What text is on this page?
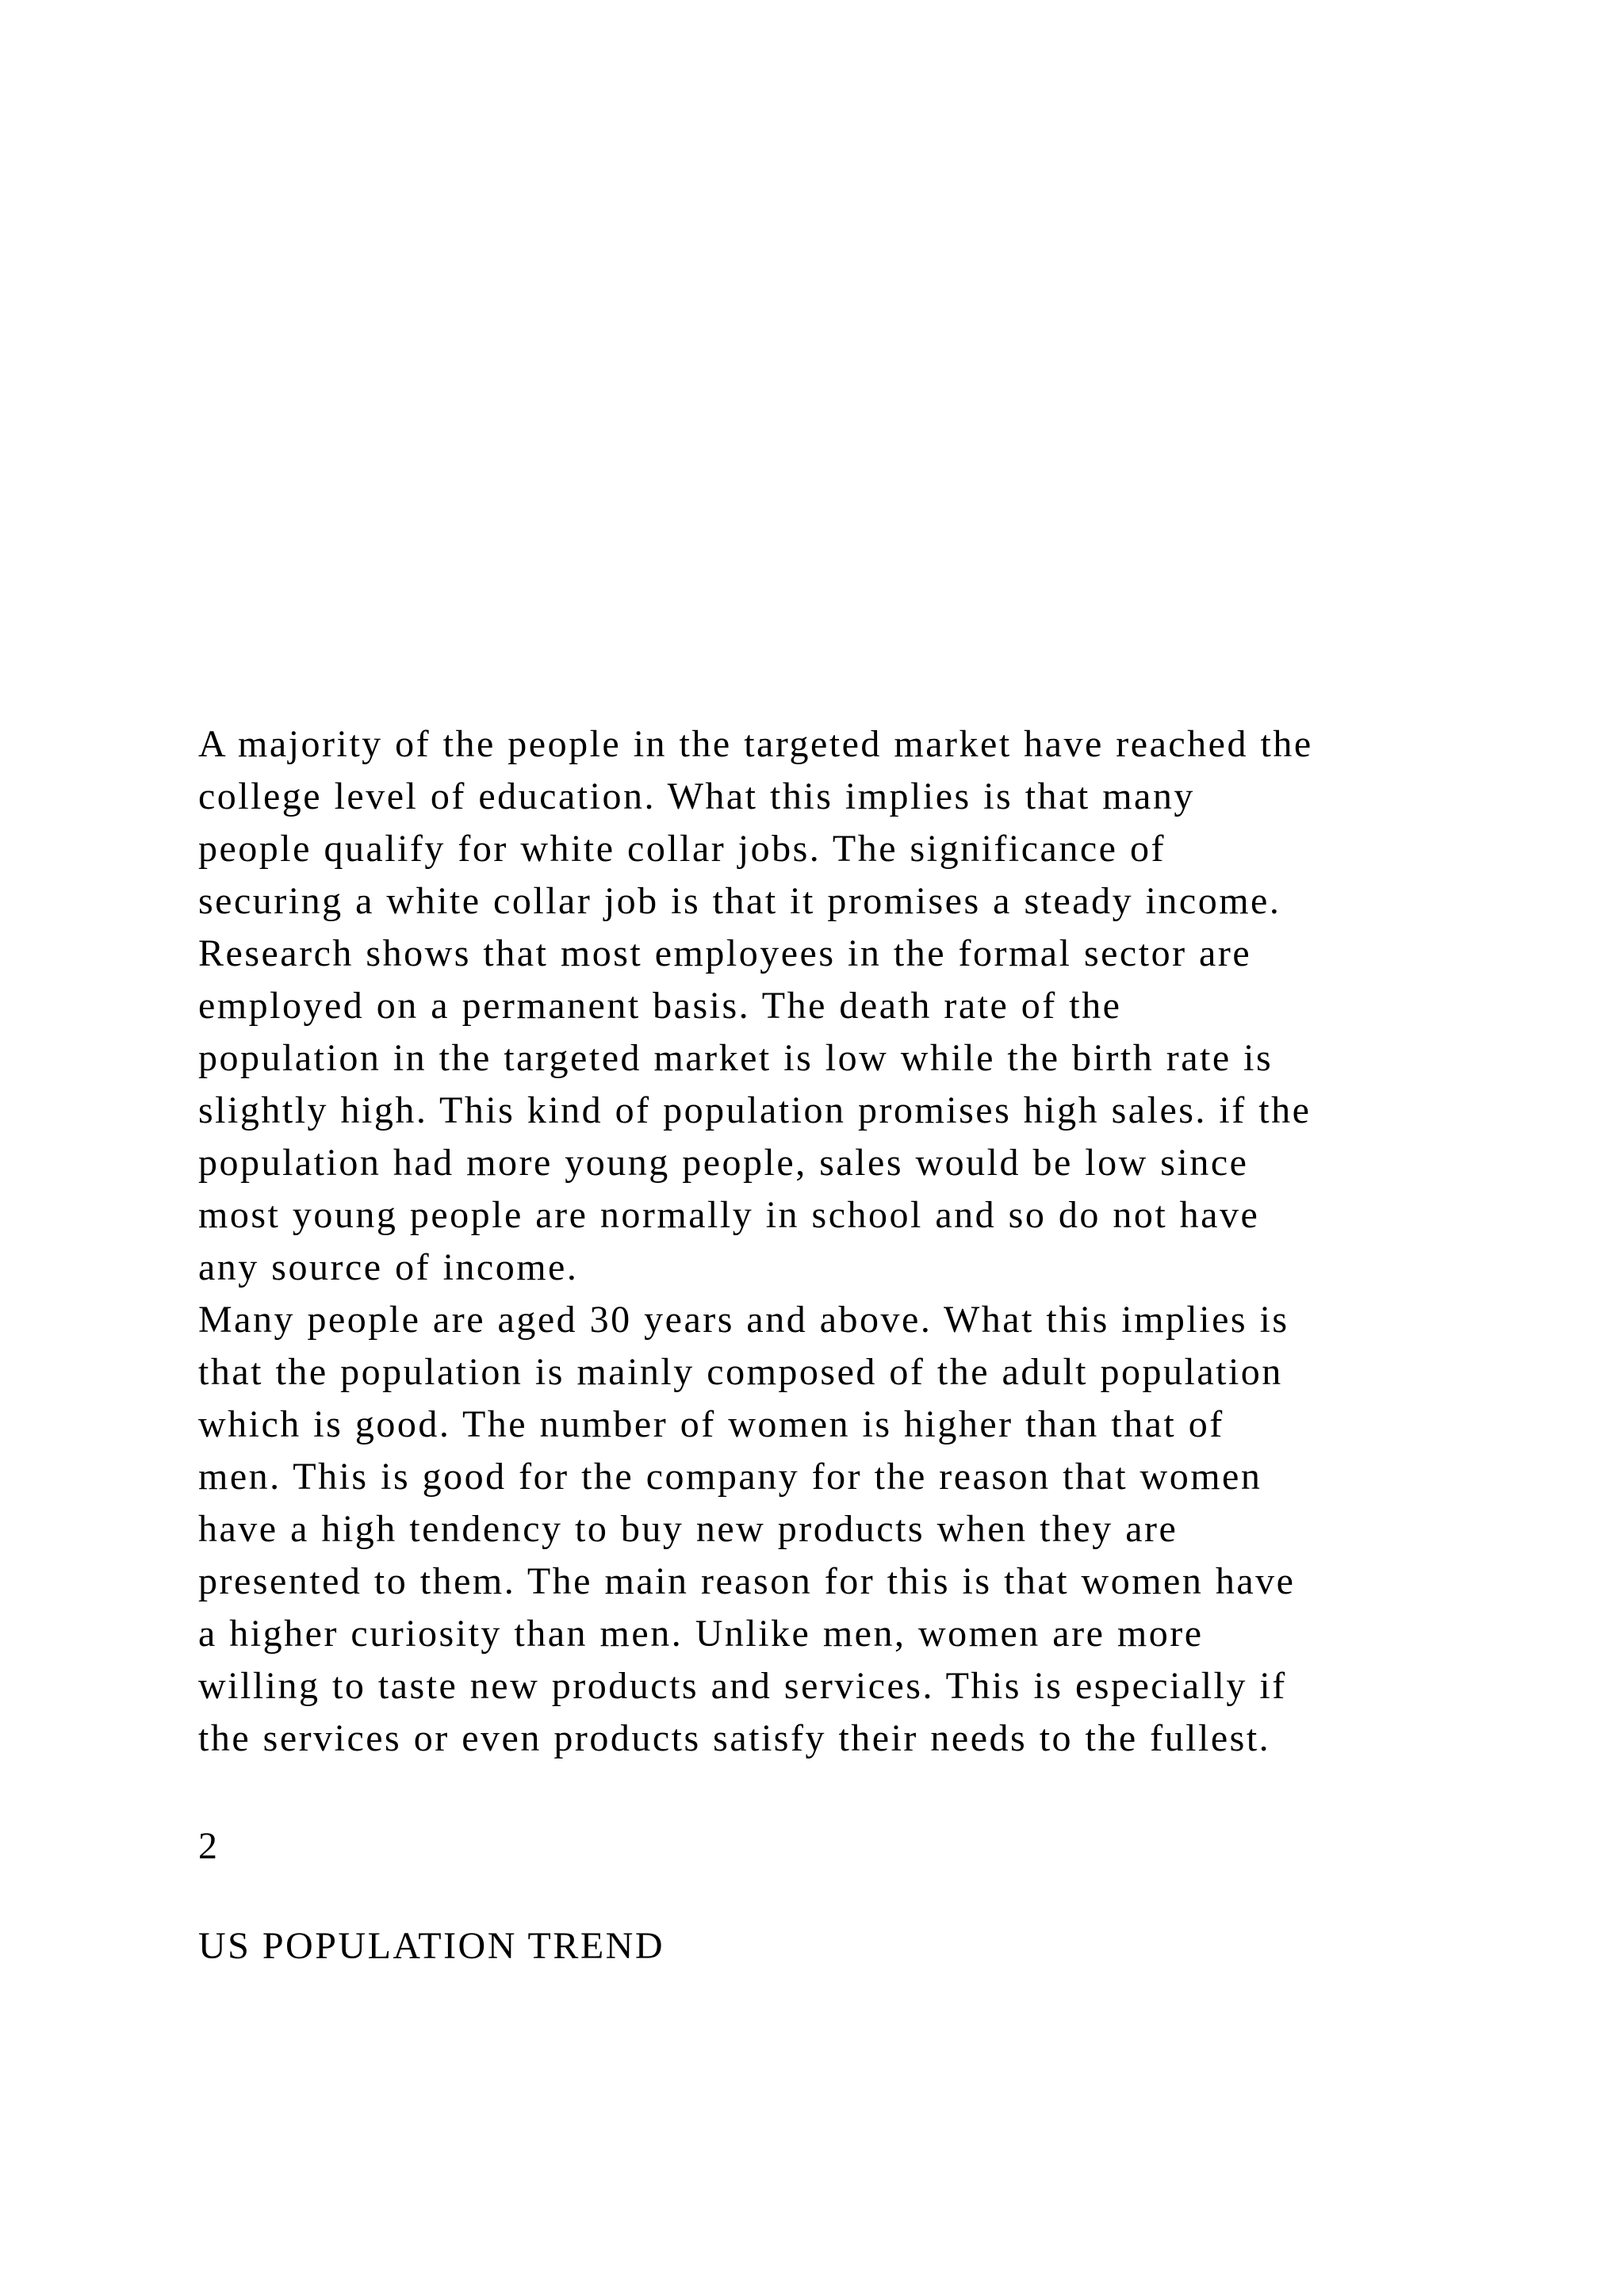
A majority of the people in the targeted market have reached the
college level of education. What this implies is that many
people qualify for white collar jobs. The significance of
securing a white collar job is that it promises a steady income.
Research shows that most employees in the formal sector are
employed on a permanent basis. The death rate of the
population in the targeted market is low while the birth rate is
slightly high. This kind of population promises high sales. if the
population had more young people, sales would be low since
most young people are normally in school and so do not have
any source of income.
Many people are aged 30 years and above. What this implies is
that the population is mainly composed of the adult population
which is good. The number of women is higher than that of
men. This is good for the company for the reason that women
have a high tendency to buy new products when they are
presented to them. The main reason for this is that women have
a higher curiosity than men. Unlike men, women are more
willing to taste new products and services. This is especially if
the services or even products satisfy their needs to the fullest.
2
US POPULATION TREND
